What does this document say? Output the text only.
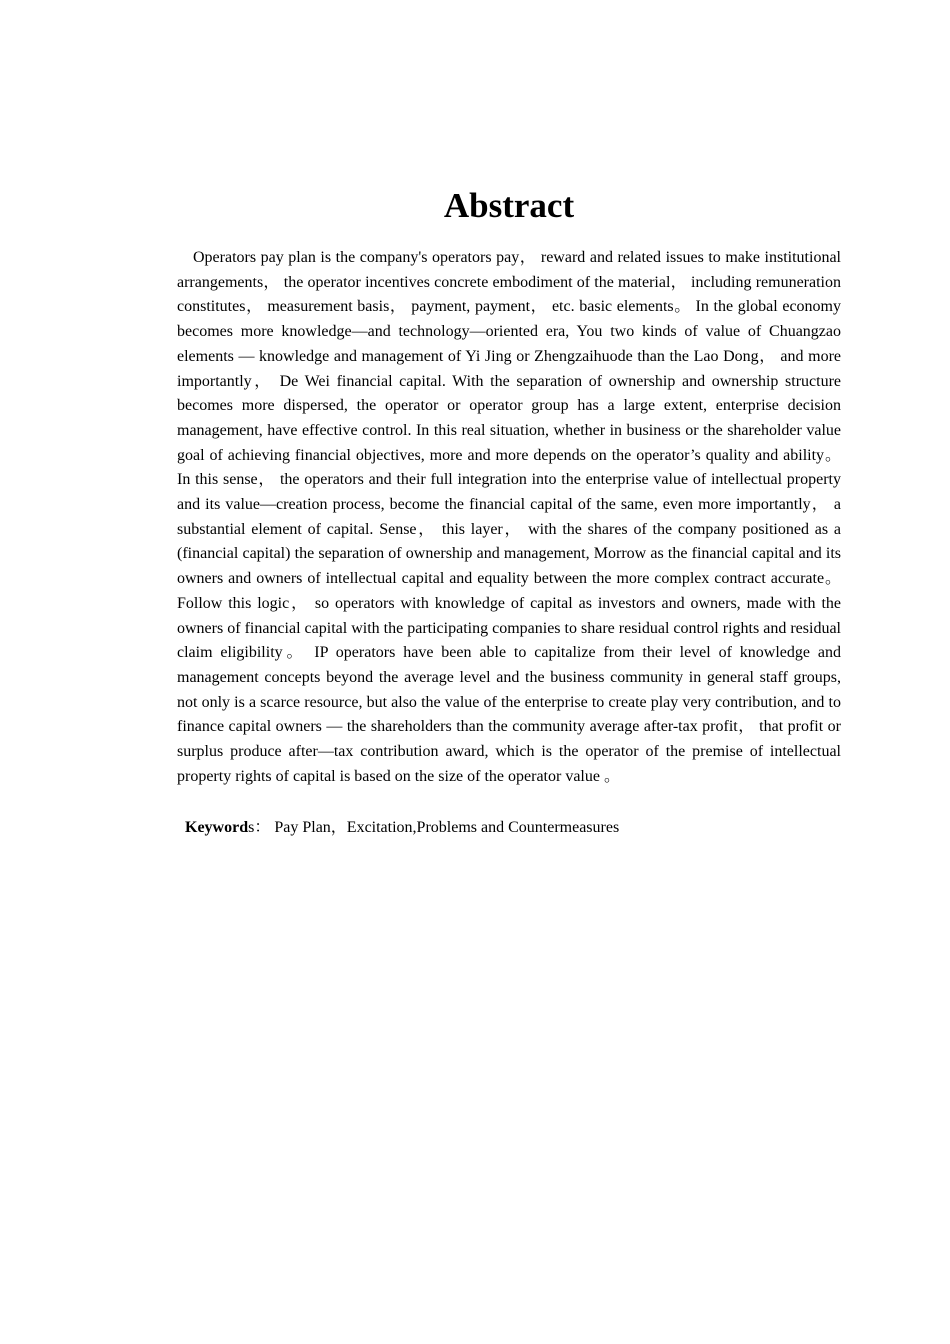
Abstract

Operators pay plan is the company's operators pay， reward and related issues to make institutional arrangements， the operator incentives concrete embodiment of the material， including remuneration constitutes， measurement basis， payment, payment， etc. basic elements。 In the global economy becomes more knowledge—and technology—oriented era, You two kinds of value of Chuangzao elements — knowledge and management of Yi Jing or Zhengzaihuode than the Lao Dong， and more importantly， De Wei financial capital. With the separation of ownership and ownership structure becomes more dispersed, the operator or operator group has a large extent, enterprise decision management, have effective control. In this real situation, whether in business or the shareholder value goal of achieving financial objectives, more and more depends on the operator’s quality and ability。 In this sense， the operators and their full integration into the enterprise value of intellectual property and its value—creation process, become the financial capital of the same, even more importantly， a substantial element of capital. Sense， this layer， with the shares of the company positioned as a (financial capital) the separation of ownership and management, Morrow as the financial capital and its owners and owners of intellectual capital and equality between the more complex contract accurate。 Follow this logic， so operators with knowledge of capital as investors and owners, made with the owners of financial capital with the participating companies to share residual control rights and residual claim eligibility。 IP operators have been able to capitalize from their level of knowledge and management concepts beyond the average level and the business community in general staff groups, not only is a scarce resource, but also the value of the enterprise to create play very contribution, and to finance capital owners — the shareholders than the community average after-tax profit， that profit or surplus produce after—tax contribution award, which is the operator of the premise of intellectual property rights of capital is based on the size of the operator value 。

Keywords： Pay Plan，Excitation,Problems and Countermeasures
